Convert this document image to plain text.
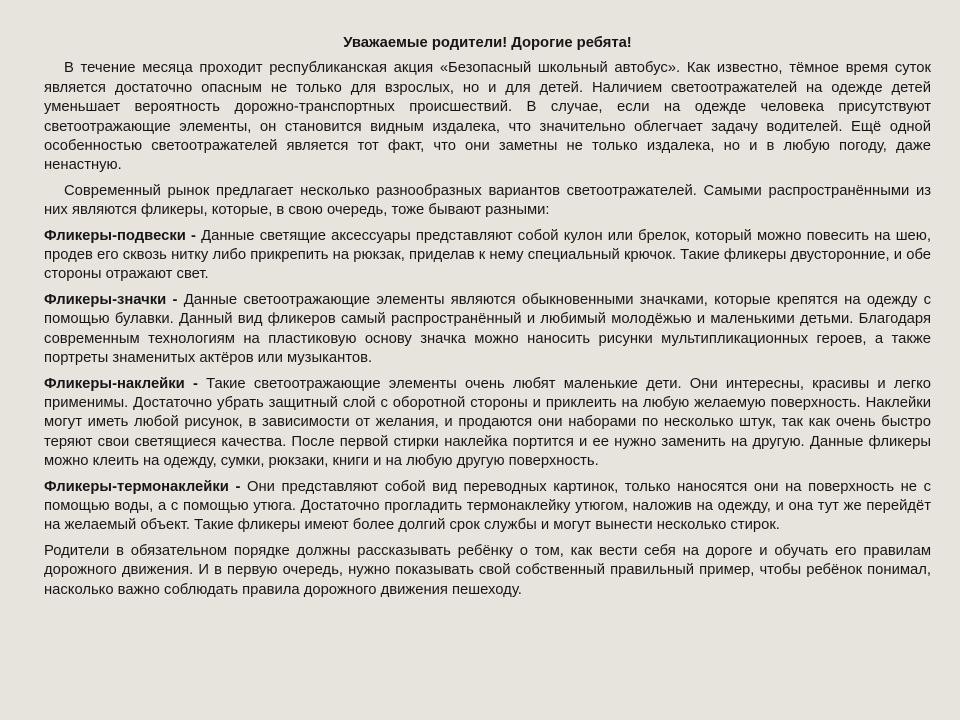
Уважаемые родители! Дорогие ребята!

В течение месяца проходит республиканская акция «Безопасный школьный автобус». Как известно, тёмное время суток является достаточно опасным не только для взрослых, но и для детей. Наличием светоотражателей на одежде детей уменьшает вероятность дорожно-транспортных происшествий. В случае, если на одежде человека присутствуют светоотражающие элементы, он становится видным издалека, что значительно облегчает задачу водителей. Ещё одной особенностью светоотражателей является тот факт, что они заметны не только издалека, но и в любую погоду, даже ненастную.

Современный рынок предлагает несколько разнообразных вариантов светоотражателей. Самыми распространёнными из них являются фликеры, которые, в свою очередь, тоже бывают разными:

Фликеры-подвески - Данные светящие аксессуары представляют собой кулон или брелок, который можно повесить на шею, продев его сквозь нитку либо прикрепить на рюкзак, приделав к нему специальный крючок. Такие фликеры двусторонние, и обе стороны отражают свет.

Фликеры-значки - Данные светоотражающие элементы являются обыкновенными значками, которые крепятся на одежду с помощью булавки. Данный вид фликеров самый распространённый и любимый молодёжью и маленькими детьми. Благодаря современным технологиям на пластиковую основу значка можно наносить рисунки мультипликационных героев, а также портреты знаменитых актёров или музыкантов.

Фликеры-наклейки - Такие светоотражающие элементы очень любят маленькие дети. Они интересны, красивы и легко применимы. Достаточно убрать защитный слой с оборотной стороны и приклеить на любую желаемую поверхность. Наклейки могут иметь любой рисунок, в зависимости от желания, и продаются они наборами по несколько штук, так как очень быстро теряют свои светящиеся качества. После первой стирки наклейка портится и ее нужно заменить на другую. Данные фликеры можно клеить на одежду, сумки, рюкзаки, книги и на любую другую поверхность.

Фликеры-термонаклейки - Они представляют собой вид переводных картинок, только наносятся они на поверхность не с помощью воды, а с помощью утюга. Достаточно прогладить термонаклейку утюгом, наложив на одежду, и она тут же перейдёт на желаемый объект. Такие фликеры имеют более долгий срок службы и могут вынести несколько стирок.

Родители в обязательном порядке должны рассказывать ребёнку о том, как вести себя на дороге и обучать его правилам дорожного движения. И в первую очередь, нужно показывать свой собственный правильный пример, чтобы ребёнок понимал, насколько важно соблюдать правила дорожного движения пешеходу.
